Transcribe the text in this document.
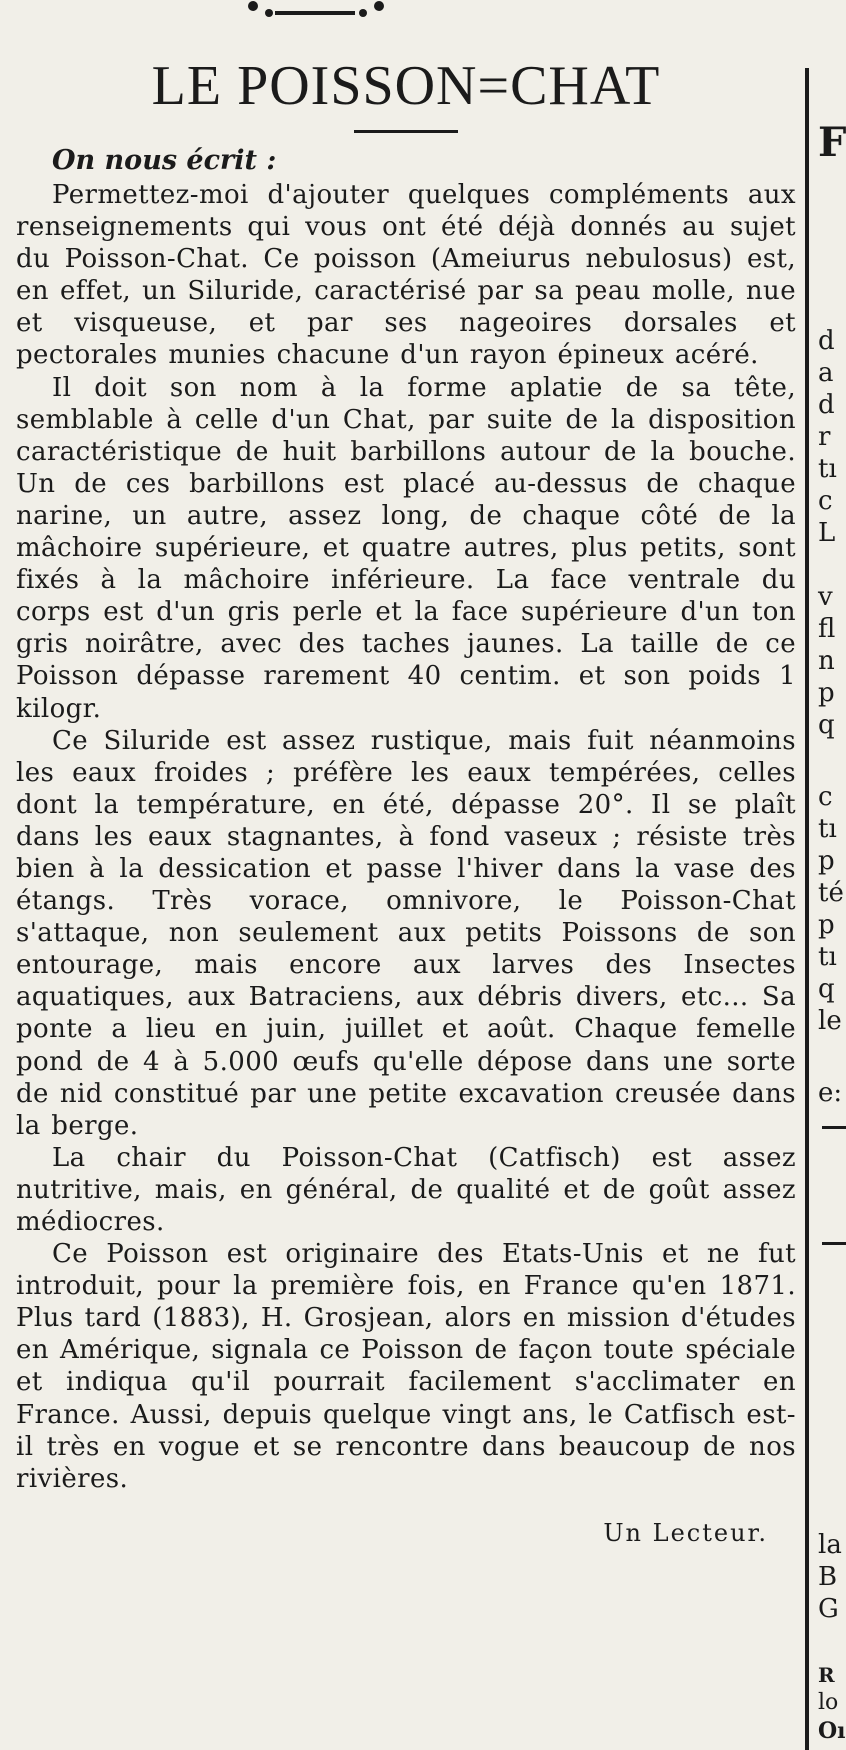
LE POISSON=CHAT

On nous écrit :

Permettez-moi d'ajouter quelques compléments aux renseignements qui vous ont été déjà donnés au sujet du Poisson-Chat. Ce poisson (Ameiurus nebulosus) est, en effet, un Siluride, caractérisé par sa peau molle, nue et visqueuse, et par ses nageoires dorsales et pectorales munies chacune d'un rayon épineux acéré.

Il doit son nom à la forme aplatie de sa tête, semblable à celle d'un Chat, par suite de la disposition caractéristique de huit barbillons autour de la bouche. Un de ces barbillons est placé au-dessus de chaque narine, un autre, assez long, de chaque côté de la mâchoire supérieure, et quatre autres, plus petits, sont fixés à la mâchoire inférieure. La face ventrale du corps est d'un gris perle et la face supérieure d'un ton gris noirâtre, avec des taches jaunes. La taille de ce Poisson dépasse rarement 40 centim. et son poids 1 kilogr.

Ce Siluride est assez rustique, mais fuit néanmoins les eaux froides ; préfère les eaux tempérées, celles dont la température, en été, dépasse 20°. Il se plaît dans les eaux stagnantes, à fond vaseux ; résiste très bien à la dessication et passe l'hiver dans la vase des étangs. Très vorace, omnivore, le Poisson-Chat s'attaque, non seulement aux petits Poissons de son entourage, mais encore aux larves des Insectes aquatiques, aux Batraciens, aux débris divers, etc... Sa ponte a lieu en juin, juillet et août. Chaque femelle pond de 4 à 5.000 œufs qu'elle dépose dans une sorte de nid constitué par une petite excavation creusée dans la berge.

La chair du Poisson-Chat (Catfisch) est assez nutritive, mais, en général, de qualité et de goût assez médiocres.

Ce Poisson est originaire des Etats-Unis et ne fut introduit, pour la première fois, en France qu'en 1871. Plus tard (1883), H. Grosjean, alors en mission d'études en Amérique, signala ce Poisson de façon toute spéciale et indiqua qu'il pourrait facilement s'acclimater en France. Aussi, depuis quelque vingt ans, le Catfisch est-il très en vogue et se rencontre dans beaucoup de nos rivières.

Un Lecteur.
F
d
a
d
r
tı
c
L
v
fl
n
p
q
c
tı
p
té
p
tı
q
le
e:
la
B
G
R
lo
Oı
